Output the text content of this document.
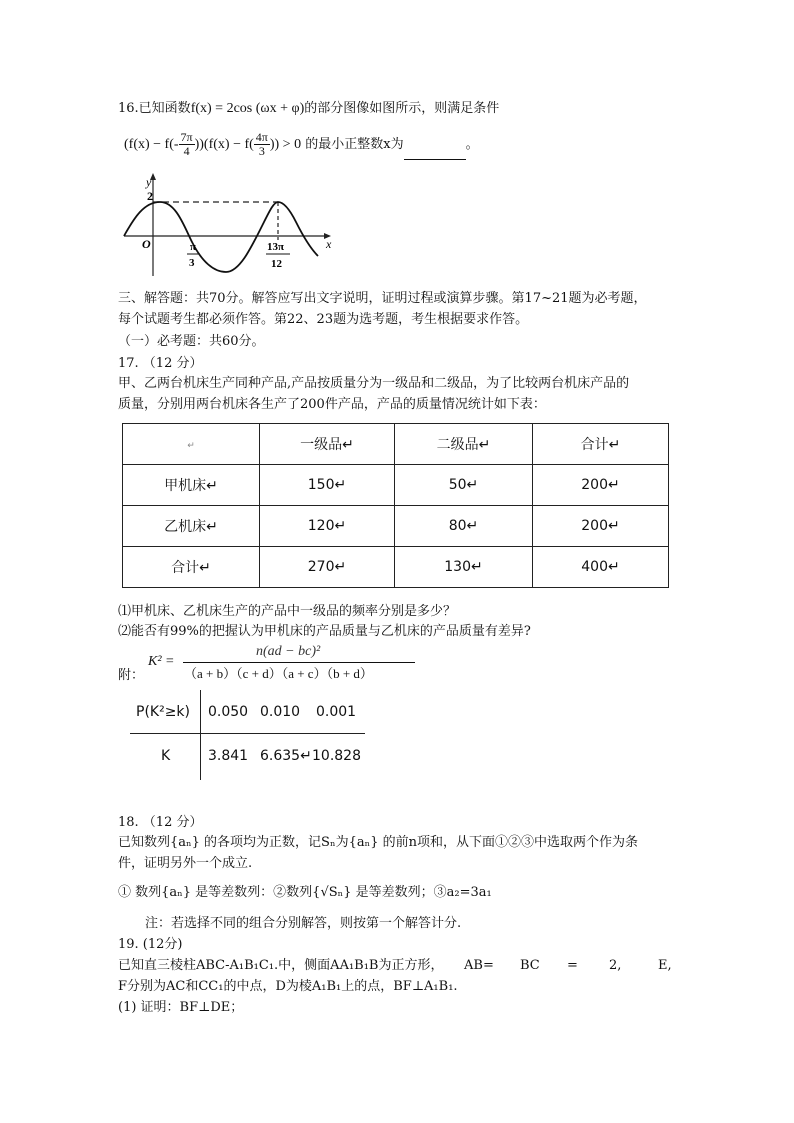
16.已知函数f(x) = 2cos (ωx + φ)的部分图像如图所示，则满足条件
$(f(x) - f(- \frac{7\pi}{4} ))(f(x) - f( \frac{4\pi}{3}$ )) > 0 的最小正整数x为	。
y
x
2
O	π
3
13π
12
三、解答题：共70分。解答应写出文字说明，证明过程或演算步骤。第17~21题为必考题，
每个试题考生都必须作答。第22、23题为选考题，考生根据要求作答。
（一）必考题：共60分。
17. （12 分）
甲、乙两台机床生产同种产品,产品按质量分为一级品和二级品，为了比较两台机床产品的
质量，分别用两台机床各生产了200件产品，产品的质量情况统计如下表：
↵	一级品↵	二级品↵	合计↵
甲机床↵	150↵	50↵	200↵
乙机床↵	120↵	80↵	200↵
合计↵	270↵	130↵	400↵
⑴甲机床、乙机床生产的产品中一级品的频率分别是多少？
⑵能否有99%的把握认为甲机床的产品质量与乙机床的产品质量有差异?
K² =
n(ad − bc)²
（a + b）（c + d）（a + c）（b + d）
附：
P(K²≥k) 0.050 0.010 0.001
K	3.841 6.635↵ 10.828
18. （12 分）
已知数列{aₙ} 的各项均为正数，记Sₙ为{aₙ} 的前n项和，从下面①②③中选取两个作为条
件，证明另外一个成立.
① 数列{aₙ} 是等差数列：②数列{√Sₙ} 是等差数列；③a₂=3a₁
注：若选择不同的组合分别解答，则按第一个解答计分.
19. (12分)
已知直三棱柱ABC-A₁B₁C₁.中，侧面AA₁B₁B为正方形， AB= BC = 2,	E,
F分别为AC和CC₁的中点，D为棱A₁B₁上的点，BF⊥A₁B₁.
(1) 证明：BF⊥DE；
